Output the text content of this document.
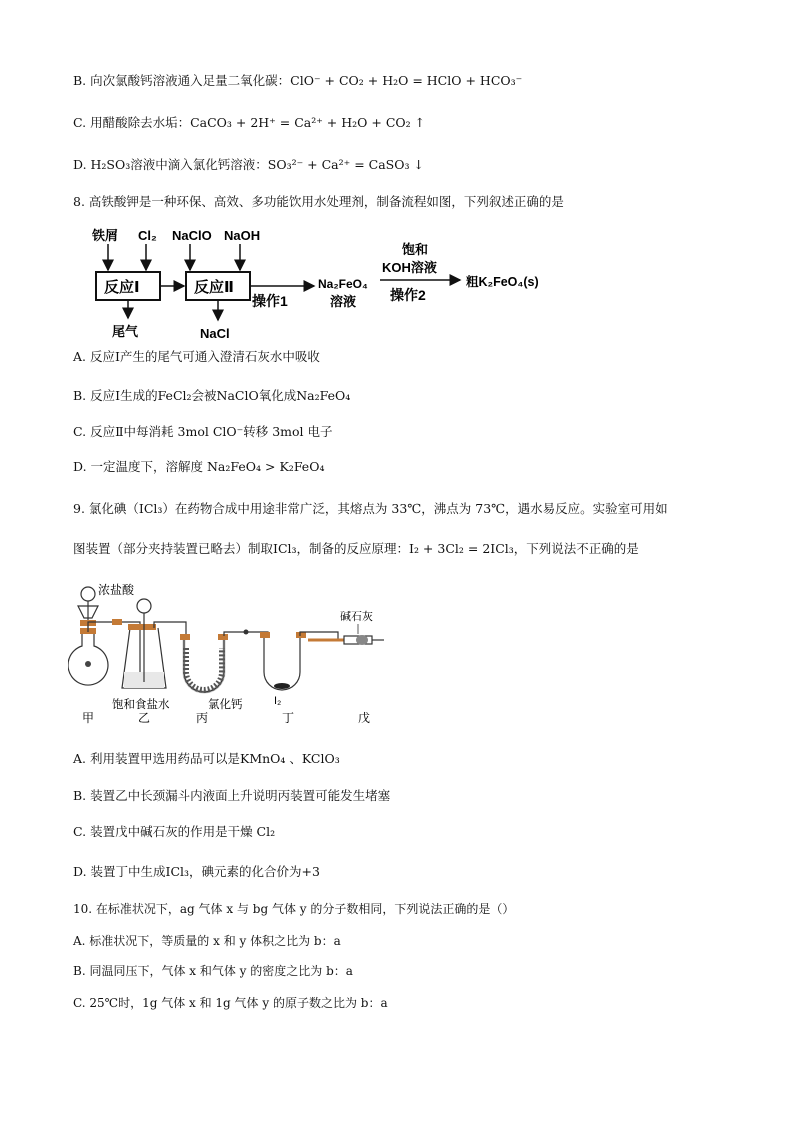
B. 向次氯酸钙溶液通入足量二氧化碳：ClO⁻ + CO₂ + H₂O = HClO + HCO₃⁻
C. 用醋酸除去水垢：CaCO₃ + 2H⁺ = Ca²⁺ + H₂O + CO₂ ↑
D. H₂SO₃溶液中滴入氯化钙溶液：SO₃²⁻ + Ca²⁺ = CaSO₃ ↓
8. 高铁酸钾是一种环保、高效、多功能饮用水处理剂，制备流程如图，下列叙述正确的是
铁屑 Cl₂ NaClO NaOH
反应Ⅰ	反应Ⅱ
尾气	NaCl
操作1
Na₂FeO₄
溶液
饱和
KOH溶液
操作2
粗K₂FeO₄(s)
A. 反应Ⅰ产生的尾气可通入澄清石灰水中吸收
B. 反应Ⅰ生成的FeCl₂会被NaClO氧化成Na₂FeO₄
C. 反应Ⅱ中每消耗 3mol ClO⁻转移 3mol 电子
D. 一定温度下，溶解度 Na₂FeO₄ > K₂FeO₄
9. 氯化碘（ICl₃）在药物合成中用途非常广泛，其熔点为 33℃，沸点为 73℃，遇水易反应。实验室可用如
图装置（部分夹持装置已略去）制取ICl₃，制备的反应原理：I₂ + 3Cl₂ = 2ICl₃，下列说法不正确的是
浓盐酸
甲
饱和食盐水
乙
氯化钙
丙
I₂
丁
碱石灰
戊
A. 利用装置甲选用药品可以是KMnO₄ 、KClO₃
B. 装置乙中长颈漏斗内液面上升说明丙装置可能发生堵塞
C. 装置戊中碱石灰的作用是干燥 Cl₂
D. 装置丁中生成ICl₃，碘元素的化合价为+3
10. 在标准状况下，ag 气体 x 与 bg 气体 y 的分子数相同，下列说法正确的是（）
A. 标准状况下，等质量的 x 和 y 体积之比为 b：a
B. 同温同压下，气体 x 和气体 y 的密度之比为 b：a
C. 25℃时，1g 气体 x 和 1g 气体 y 的原子数之比为 b：a
